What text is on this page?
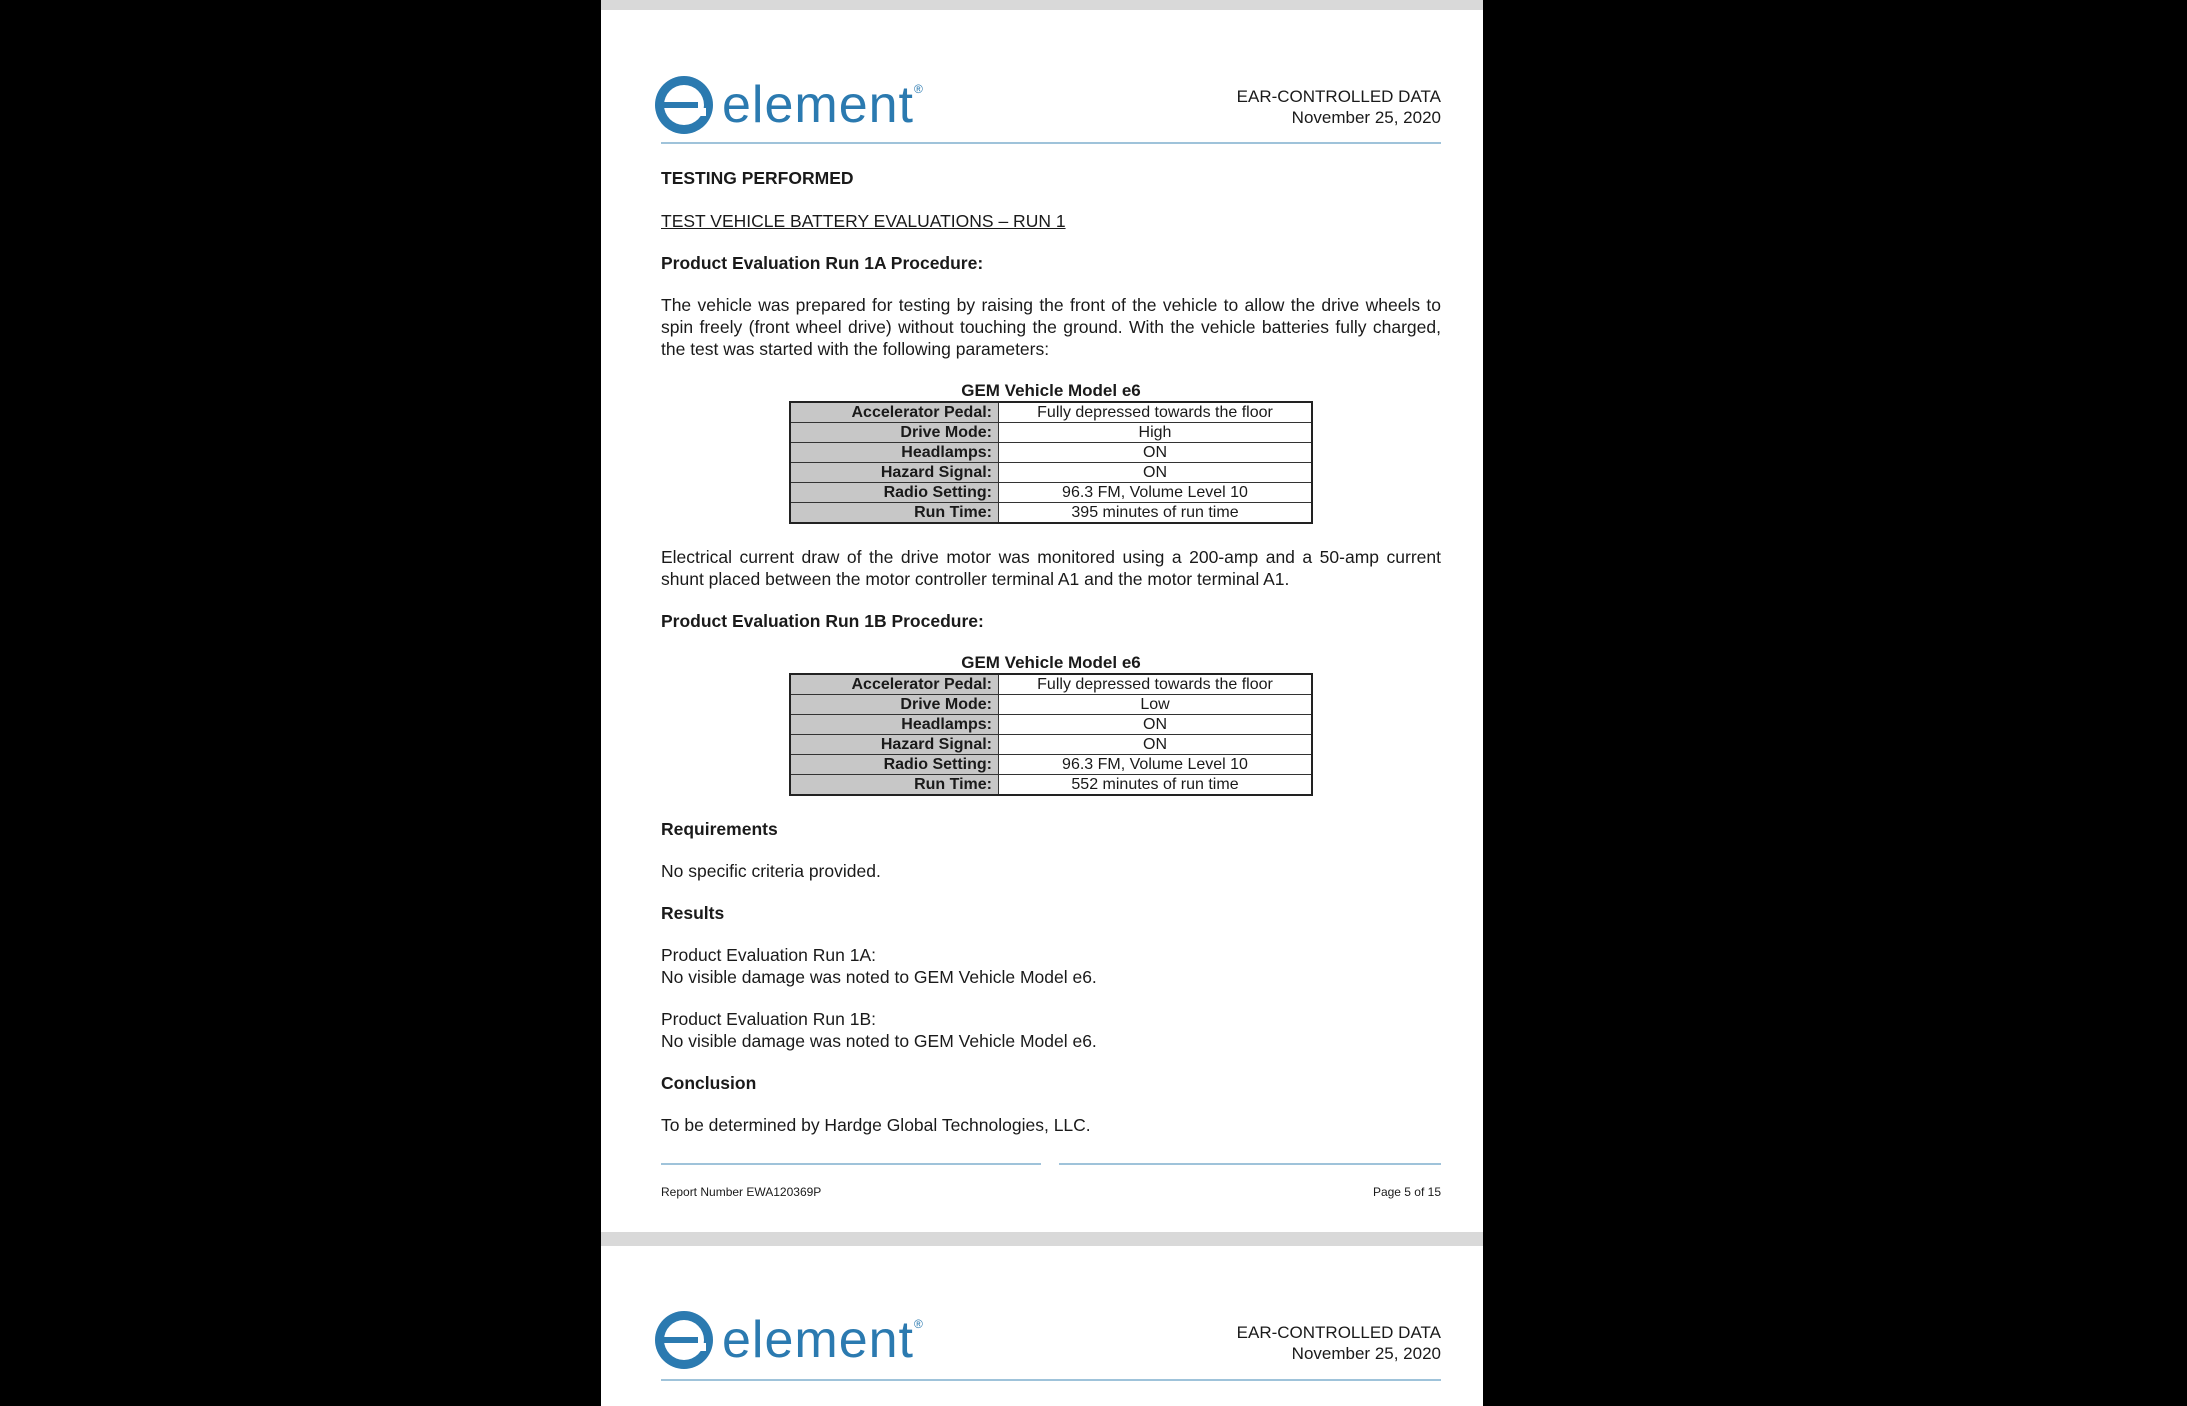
element®	EAR-CONTROLLED DATA
November 25, 2020

TESTING PERFORMED

TEST VEHICLE BATTERY EVALUATIONS – RUN 1

Product Evaluation Run 1A Procedure:

The vehicle was prepared for testing by raising the front of the vehicle to allow the drive wheels to spin freely (front wheel drive) without touching the ground. With the vehicle batteries fully charged, the test was started with the following parameters:

GEM Vehicle Model e6

Accelerator Pedal:	Fully depressed towards the floor
Drive Mode:	High
Headlamps:	ON
Hazard Signal:	ON
Radio Setting:	96.3 FM, Volume Level 10
Run Time:	395 minutes of run time

Electrical current draw of the drive motor was monitored using a 200-amp and a 50-amp current shunt placed between the motor controller terminal A1 and the motor terminal A1.

Product Evaluation Run 1B Procedure:

GEM Vehicle Model e6

Accelerator Pedal:	Fully depressed towards the floor
Drive Mode:	Low
Headlamps:	ON
Hazard Signal:	ON
Radio Setting:	96.3 FM, Volume Level 10
Run Time:	552 minutes of run time

Requirements

No specific criteria provided.

Results

Product Evaluation Run 1A:

No visible damage was noted to GEM Vehicle Model e6.

Product Evaluation Run 1B:

No visible damage was noted to GEM Vehicle Model e6.

Conclusion

To be determined by Hardge Global Technologies, LLC.

Report Number EWA120369P	Page 5 of 15
element®	EAR-CONTROLLED DATA
November 25, 2020
